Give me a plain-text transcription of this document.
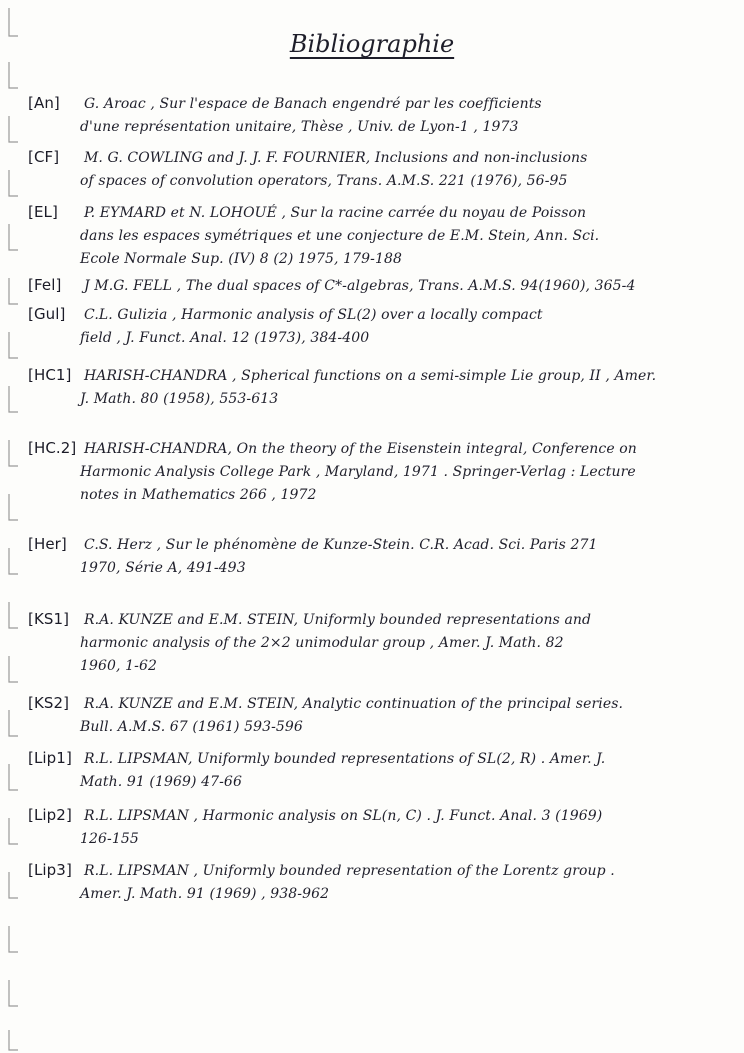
Bibliographie
[An] G. Aroac , Sur l'espace de Banach engendré par les coefficients
d'une représentation unitaire, Thèse , Univ. de Lyon-1 , 1973
[CF] M. G. COWLING and J. J. F. FOURNIER, Inclusions and non-inclusions
of spaces of convolution operators, Trans. A.M.S. 221 (1976), 56-95
[EL] P. EYMARD et N. LOHOUÉ , Sur la racine carrée du noyau de Poisson
dans les espaces symétriques et une conjecture de E.M. Stein, Ann. Sci.
Ecole Normale Sup. (IV) 8 (2) 1975, 179-188
[Fel] J M.G. FELL , The dual spaces of C*-algebras, Trans. A.M.S. 94(1960), 365-4
[Gul] C.L. Gulizia , Harmonic analysis of SL(2) over a locally compact
field , J. Funct. Anal. 12 (1973), 384-400
[HC1] HARISH-CHANDRA , Spherical functions on a semi-simple Lie group, II , Amer.
J. Math. 80 (1958), 553-613
[HC.2] HARISH-CHANDRA, On the theory of the Eisenstein integral, Conference on
Harmonic Analysis College Park , Maryland, 1971 . Springer-Verlag : Lecture
notes in Mathematics 266 , 1972
[Her] C.S. Herz , Sur le phénomène de Kunze-Stein. C.R. Acad. Sci. Paris 271
1970, Série A, 491-493
[KS1] R.A. KUNZE and E.M. STEIN, Uniformly bounded representations and
harmonic analysis of the 2×2 unimodular group , Amer. J. Math. 82
1960, 1-62
[KS2] R.A. KUNZE and E.M. STEIN, Analytic continuation of the principal series.
Bull. A.M.S. 67 (1961) 593-596
[Lip1] R.L. LIPSMAN, Uniformly bounded representations of SL(2, R) . Amer. J.
Math. 91 (1969) 47-66
[Lip2] R.L. LIPSMAN , Harmonic analysis on SL(n, C) . J. Funct. Anal. 3 (1969)
126-155
[Lip3] R.L. LIPSMAN , Uniformly bounded representation of the Lorentz group .
Amer. J. Math. 91 (1969) , 938-962
